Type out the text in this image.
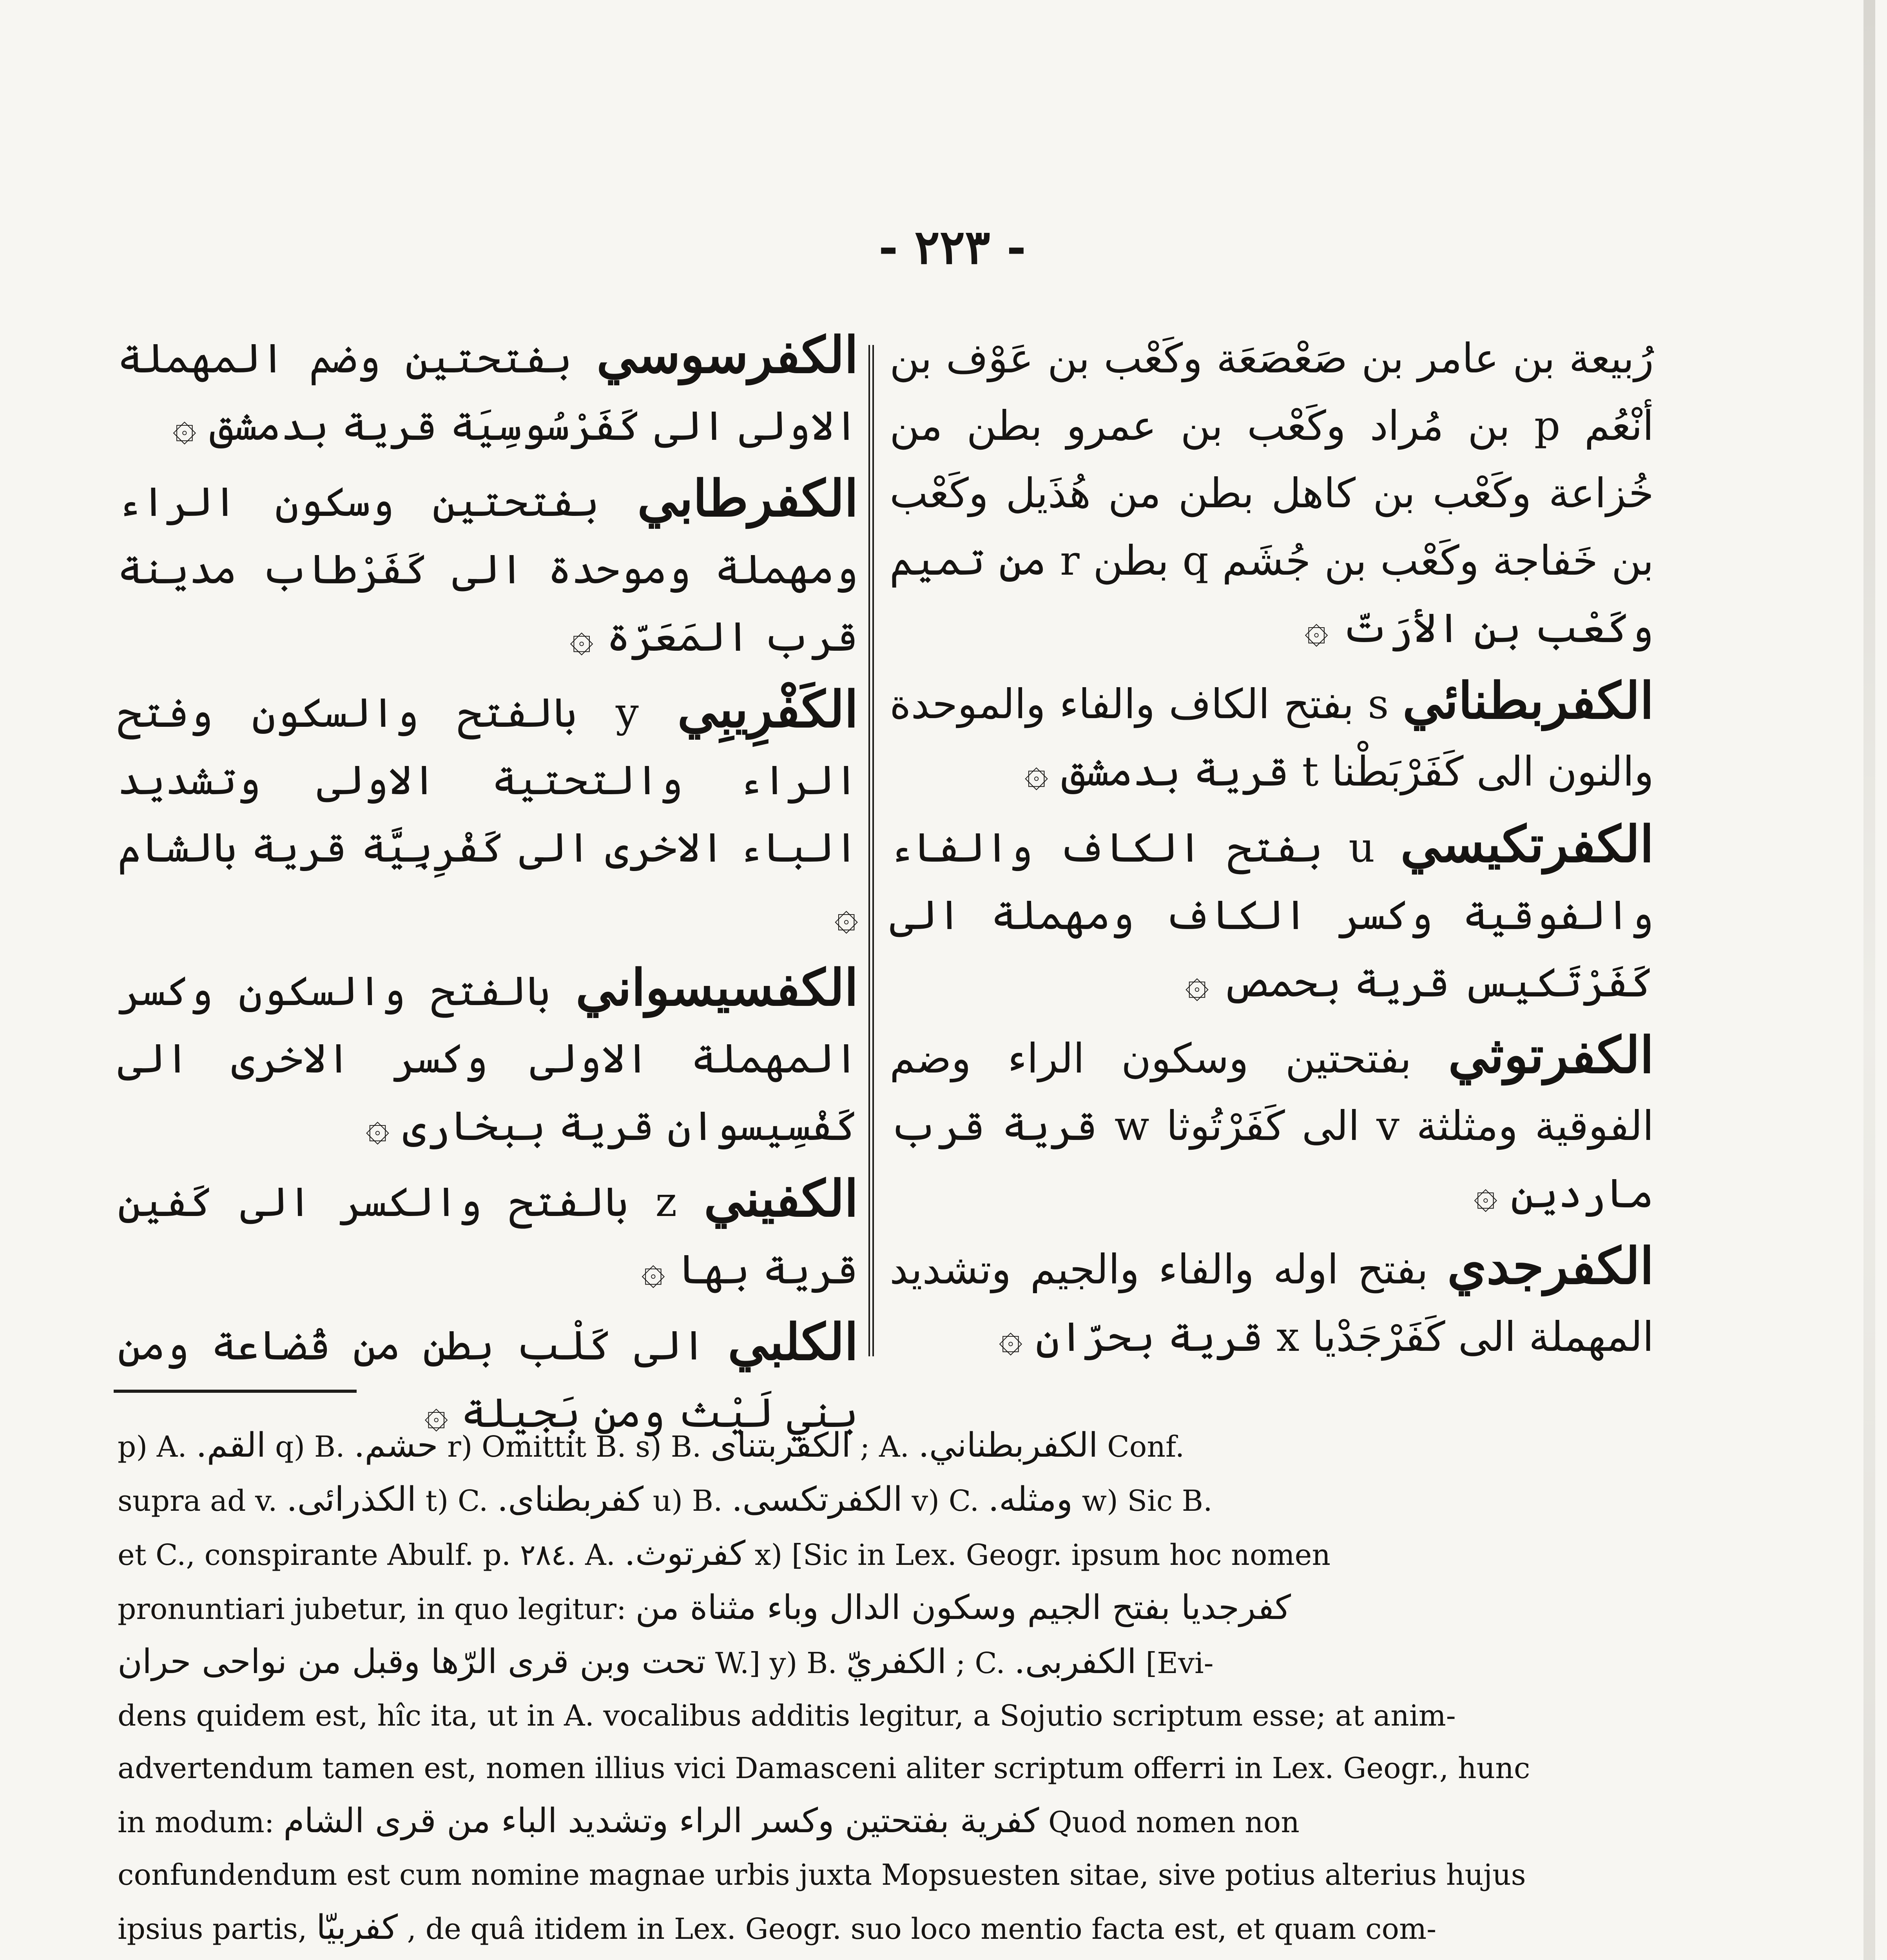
- ٢٢٣ -
رُبيعة بن عامر بن صَعْصَعَة وكَعْب بن عَوْف بن أنْعُم p بن مُراد وكَعْب بن عمرو بطن من خُزاعة وكَعْب بن كاهل بطن من هُذَيل وكَعْب بن خَفاجة وكَعْب بن جُشَم q بطن r من تميم وكَعْب بن الأرَتّ ۞
الكفربطنائي s بفتح الكاف والفاء والموحدة والنون الى كَفَرْبَطْنا t قرية بدمشق ۞
الكفرتكيسي u بفتح الكاف والفاء والفوقية وكسر الكاف ومهملة الى كَفَرْتَكيس قرية بحمص ۞
الكفرتوثي بفتحتين وسكون الراء وضم الفوقية ومثلثة v الى كَفَرْتُوثا w قرية قرب ماردين ۞
الكفرجدي بفتح اوله والفاء والجيم وتشديد المهملة الى كَفَرْجَدْيا x قرية بحرّان ۞
الكفرسوسي بفتحتين وضم المهملة الاولى الى كَفَرْسُوسِيَة قرية بدمشق ۞
الكفرطابي بفتحتين وسكون الراء ومهملة وموحدة الى كَفَرْطاب مدينة قرب المَعَرّة ۞
الكَفْرِيبِي y بالفتح والسكون وفتح الراء والتحتية الاولى وتشديد الباء الاخرى الى كَفْرِبِيَّة قرية بالشام ۞
الكفسيسواني بالفتح والسكون وكسر المهملة الاولى وكسر الاخرى الى كَفْسِيسوان قرية ببخارى ۞
الكفيني z بالفتح والكسر الى كَفين قرية بها ۞
الكلبي الى كَلْب بطن من قُضاعة ومن بني لَيْث ومن بَجيلة ۞

p) A. القم. q) B. حشم. r) Omittit B. s) B. الكفربتناى ; A. الكفربطناني. Conf.

supra ad v. الكذرائى. t) C. كفربطناى. u) B. الكفرتكسى. v) C. ومثله. w) Sic B.

et C., conspirante Abulf. p. ٢٨٤. A. كفرتوث. x) [Sic in Lex. Geogr. ipsum hoc nomen

pronuntiari jubetur, in quo legitur: كفرجديا بفتح الجيم وسكون الدال وباء مثناة من

تحت وبن قرى الرّها وقبل من نواحى حران W.] y) B. الكفريّ ; C. الكفربى. [Evi-

dens quidem est, hîc ita, ut in A. vocalibus additis legitur, a Sojutio scriptum esse; at anim-

advertendum tamen est, nomen illius vici Damasceni aliter scriptum offerri in Lex. Geogr., hunc

in modum: كفرية بفتحتين وكسر الراء وتشديد الباء من قرى الشام Quod nomen non

confundendum est cum nomine magnae urbis juxta Mopsuesten sitae, sive potius alterius hujus

ipsius partis, كفربيّا , de quâ itidem in Lex. Geogr. suo loco mentio facta est, et quam com-
